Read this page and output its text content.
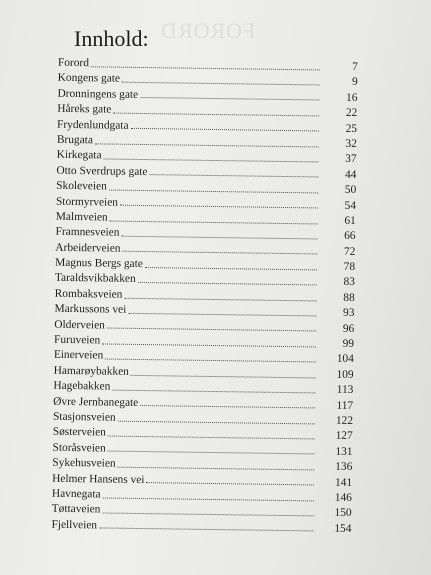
FORORD
Innhold:
Forord	7
Kongens gate	9
Dronningens gate	16
Håreks gate	22
Frydenlundgata	25
Brugata	32
Kirkegata	37
Otto Sverdrups gate	44
Skoleveien	50
Stormyrveien	54
Malmveien	61
Framnesveien	66
Arbeiderveien	72
Magnus Bergs gate	78
Taraldsvikbakken	83
Rombaksveien	88
Markussons vei	93
Olderveien	96
Furuveien	99
Einerveien	104
Hamarøybakken	109
Hagebakken	113
Øvre Jernbanegate	117
Stasjonsveien	122
Søsterveien	127
Storåsveien	131
Sykehusveien	136
Helmer Hansens vei	141
Havnegata	146
Tøttaveien	150
Fjellveien	154
